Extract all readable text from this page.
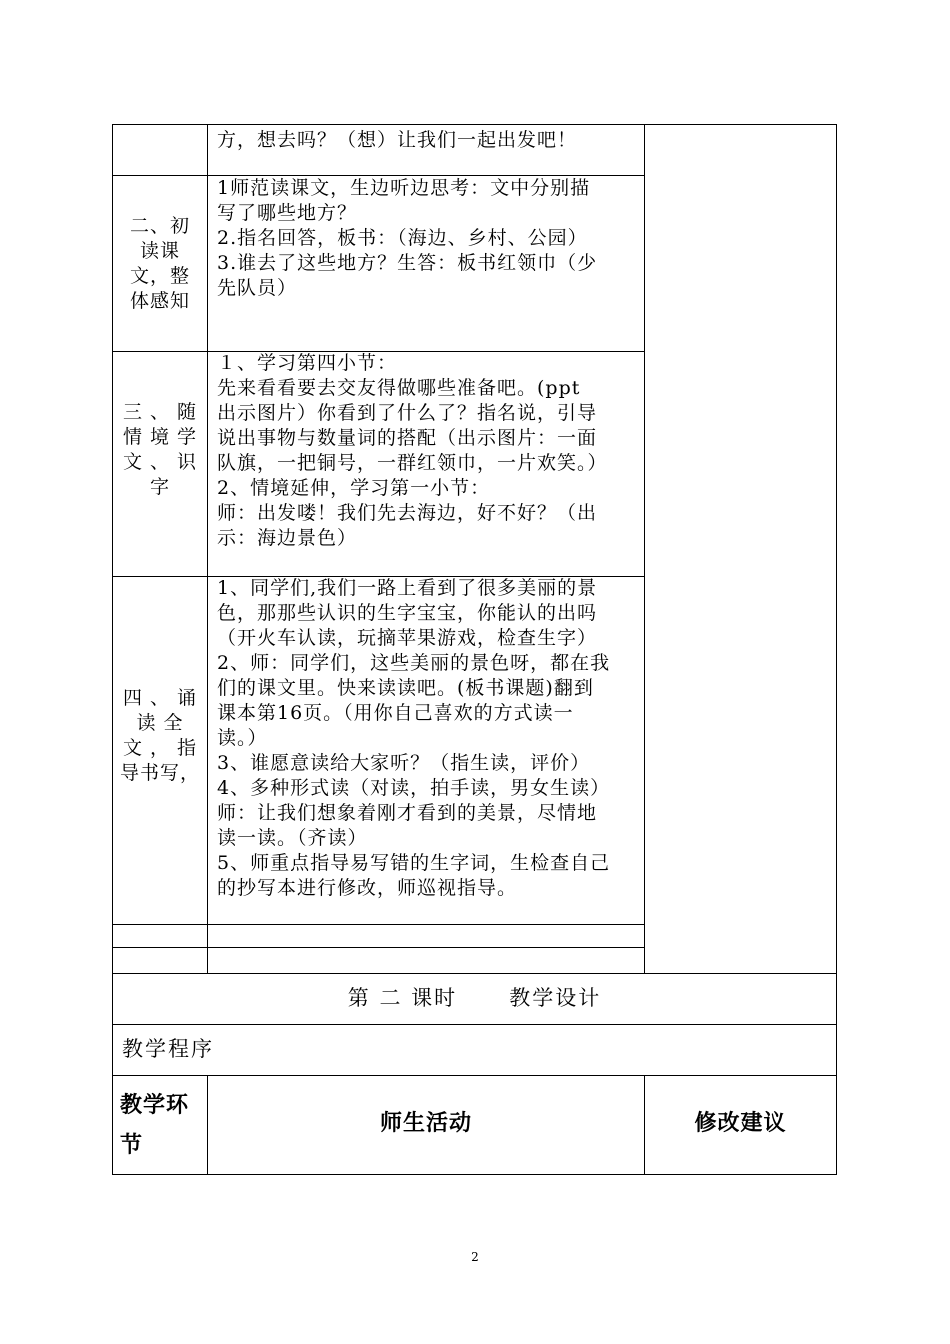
方，想去吗？（想）让我们一起出发吧！
二、初
读课
文，整
体感知
1师范读课文，生边听边思考：文中分别描
写了哪些地方？
2.指名回答，板书：（海边、乡村、公园）
3.谁去了这些地方？生答：板书红领巾（少
先队员）
三 、 随
情 境 学
文 、 识
字
１、学习第四小节：
先来看看要去交友得做哪些准备吧。(ppt
出示图片）你看到了什么了？指名说，引导
说出事物与数量词的搭配（出示图片：一面
队旗，一把铜号，一群红领巾，一片欢笑。）
2、情境延伸，学习第一小节：
师：出发喽！我们先去海边，好不好？（出
示：海边景色）
四 、 诵
读 全
文 ， 指
导书写，
1、同学们,我们一路上看到了很多美丽的景
色，那那些认识的生字宝宝，你能认的出吗
（开火车认读，玩摘苹果游戏，检查生字）
2、师：同学们，这些美丽的景色呀，都在我
们的课文里。快来读读吧。(板书课题)翻到
课本第16页。（用你自己喜欢的方式读一
读。）
3、谁愿意读给大家听？（指生读，评价）
4、多种形式读（对读，拍手读，男女生读）
师：让我们想象着刚才看到的美景，尽情地
读一读。（齐读）
5、师重点指导易写错的生字词，生检查自己
的抄写本进行修改，师巡视指导。
第 二 课时      教学设计
教学程序
教学环
节
师生活动	修改建议
2
